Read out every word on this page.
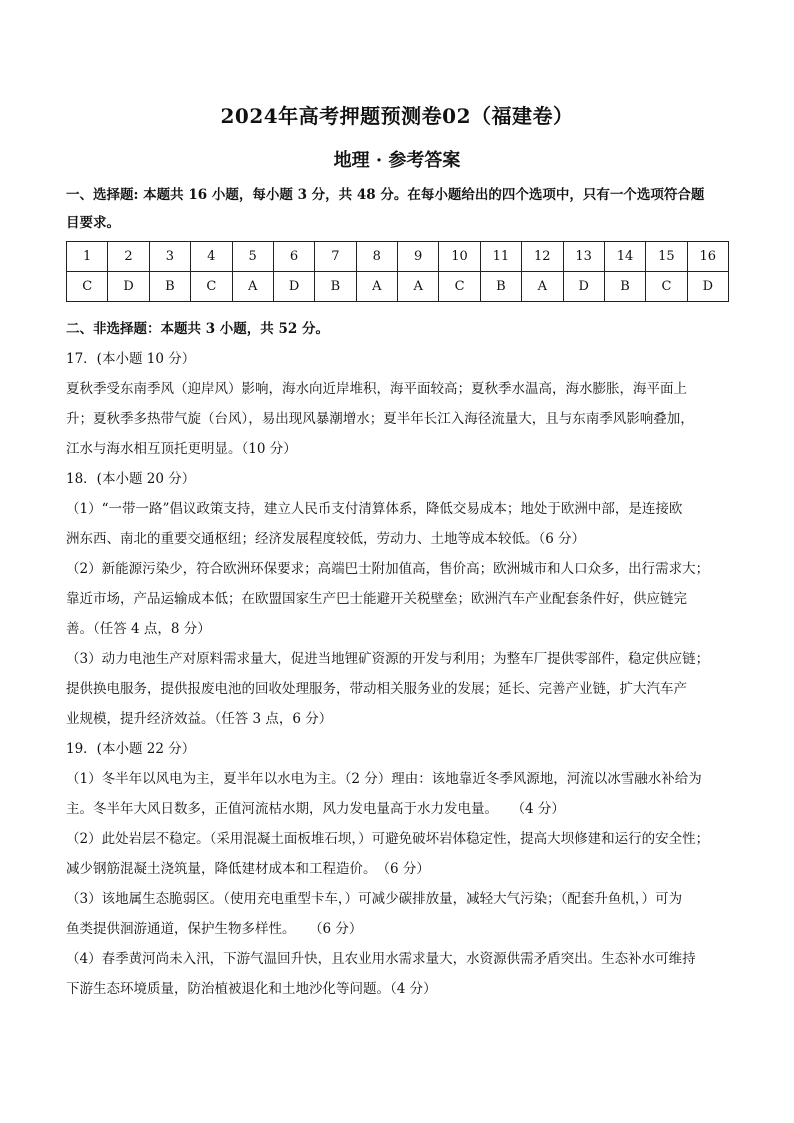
2024年高考押题预测卷02（福建卷）
地理 · 参考答案
一、选择题: 本题共 16 小题，每小题 3 分，共 48 分。在每小题给出的四个选项中，只有一个选项符合题
目要求。
1	2	3	4	5	6	7	8	9	10	11	12	13	14	15	16
C	D	B	C	A	D	B	A	A	C	B	A	D	B	C	D
二、非选择题：本题共 3 小题，共 52 分。
17．(本小题 10 分）
夏秋季受东南季风（迎岸风）影响，海水向近岸堆积，海平面较高；夏秋季水温高，海水膨胀，海平面上
升；夏秋季多热带气旋（台风），易出现风暴潮增水；夏半年长江入海径流量大，且与东南季风影响叠加，
江水与海水相互顶托更明显。（10 分）
18．(本小题 20 分）
（1）“一带一路”倡议政策支持，建立人民币支付清算体系，降低交易成本；地处于欧洲中部，是连接欧
洲东西、南北的重要交通枢纽；经济发展程度较低，劳动力、土地等成本较低。（6 分）
（2）新能源污染少，符合欧洲环保要求；高端巴士附加值高，售价高；欧洲城市和人口众多，出行需求大；
靠近市场，产品运输成本低；在欧盟国家生产巴士能避开关税壁垒；欧洲汽车产业配套条件好，供应链完
善。（任答 4 点，8 分）
（3）动力电池生产对原料需求量大，促进当地锂矿资源的开发与利用；为整车厂提供零部件，稳定供应链；
提供换电服务，提供报废电池的回收处理服务，带动相关服务业的发展；延长、完善产业链，扩大汽车产
业规模，提升经济效益。（任答 3 点，6 分）
19．(本小题 22 分）
（1）冬半年以风电为主，夏半年以水电为主。（2 分）理由：该地靠近冬季风源地，河流以冰雪融水补给为
主。冬半年大风日数多，正值河流枯水期，风力发电量高于水力发电量。　　（4 分）
（2）此处岩层不稳定。（采用混凝土面板堆石坝，）可避免破坏岩体稳定性，提高大坝修建和运行的安全性；
减少钢筋混凝土浇筑量，降低建材成本和工程造价。　（6 分）
（3）该地属生态脆弱区。（使用充电重型卡车，）可减少碳排放量，减轻大气污染；（配套升鱼机，）可为
鱼类提供洄游通道，保护生物多样性。　　（6 分）
（4）春季黄河尚未入汛，下游气温回升快，且农业用水需求量大，水资源供需矛盾突出。生态补水可维持
下游生态环境质量，防治植被退化和土地沙化等问题。（4 分）
